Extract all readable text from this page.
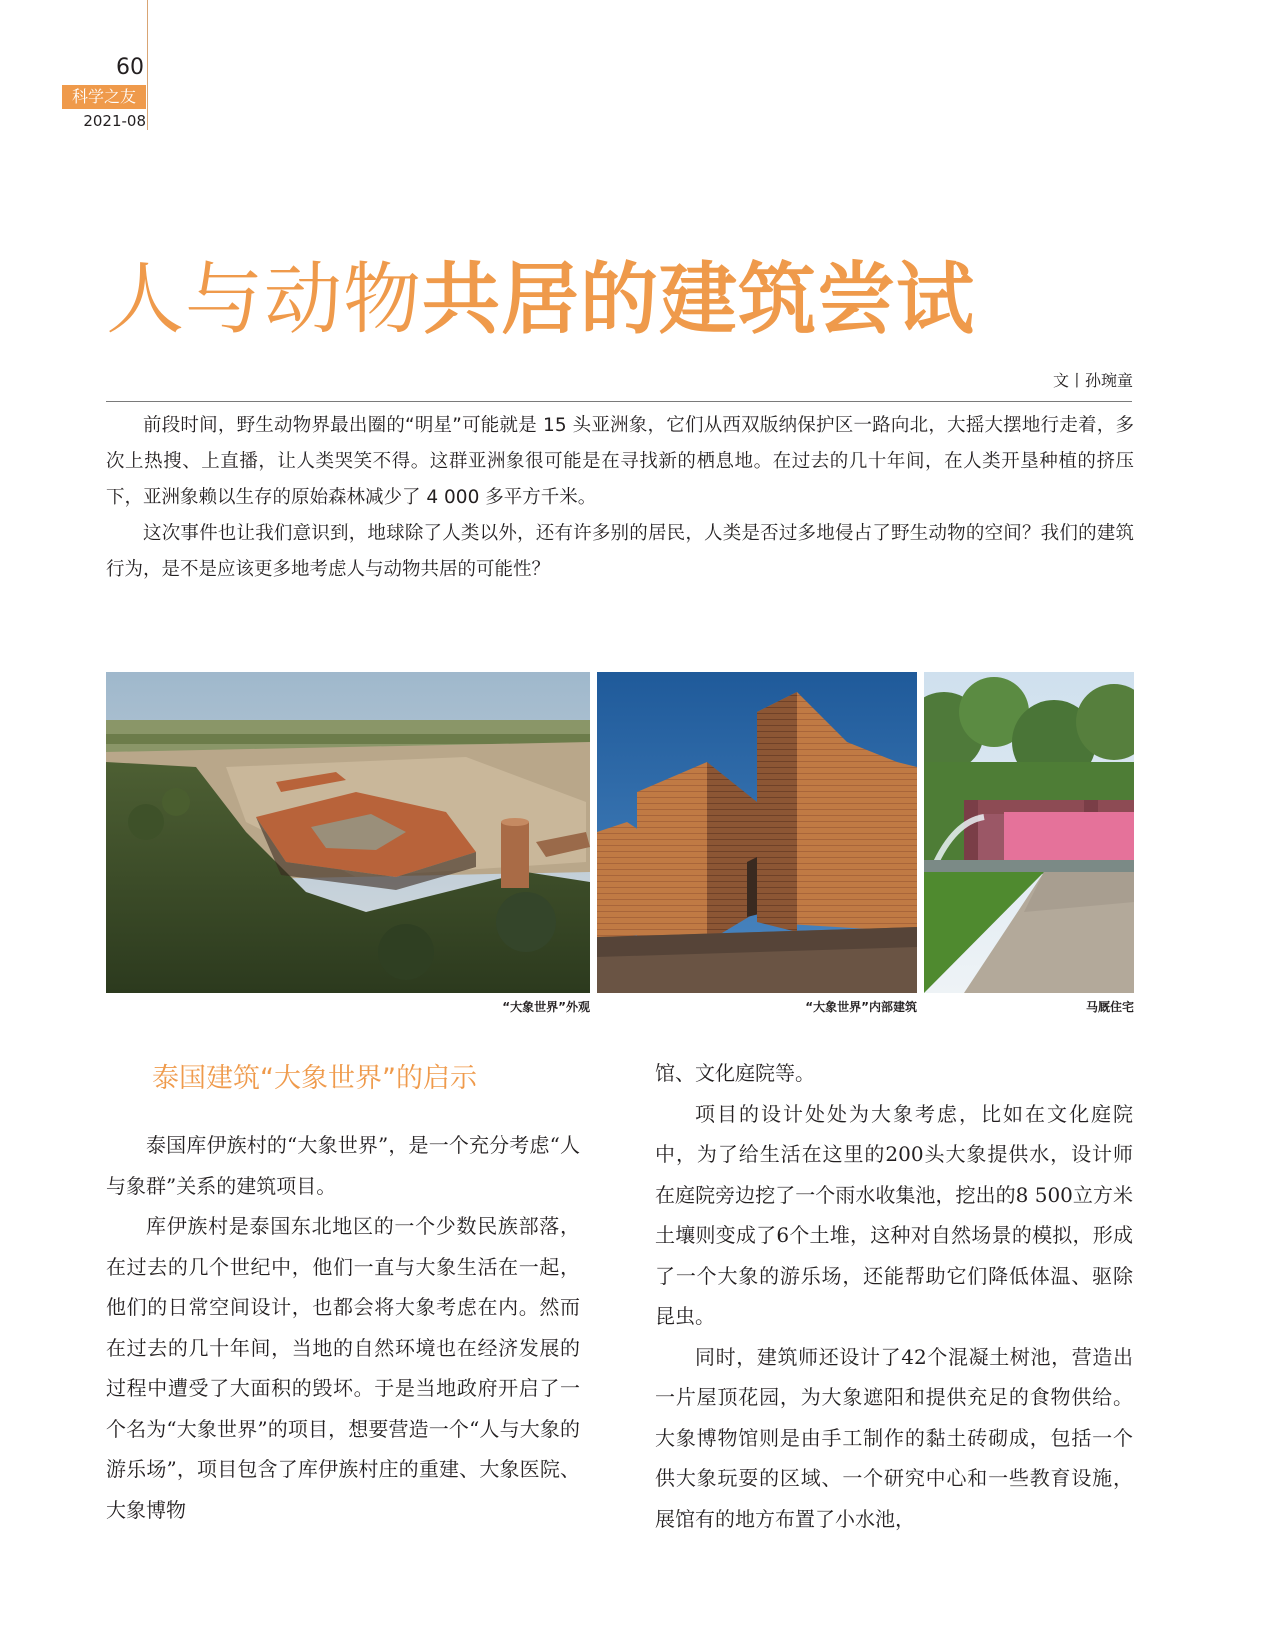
60
科学之友
2021-08
人与动物共居的建筑尝试
文丨孙琬童

前段时间，野生动物界最出圈的“明星”可能就是 15 头亚洲象，它们从西双版纳保护区一路向北，大摇大摆地行走着，多次上热搜、上直播，让人类哭笑不得。这群亚洲象很可能是在寻找新的栖息地。在过去的几十年间，在人类开垦种植的挤压下，亚洲象赖以生存的原始森林减少了 4 000 多平方千米。

这次事件也让我们意识到，地球除了人类以外，还有许多别的居民，人类是否过多地侵占了野生动物的空间？我们的建筑行为，是不是应该更多地考虑人与动物共居的可能性？

“大象世界”外观	“大象世界”内部建筑	马厩住宅
泰国建筑“大象世界”的启示

泰国库伊族村的“大象世界”，是一个充分考虑“人与象群”关系的建筑项目。

库伊族村是泰国东北地区的一个少数民族部落，在过去的几个世纪中，他们一直与大象生活在一起，他们的日常空间设计，也都会将大象考虑在内。然而在过去的几十年间，当地的自然环境也在经济发展的过程中遭受了大面积的毁坏。于是当地政府开启了一个名为“大象世界”的项目，想要营造一个“人与大象的游乐场”，项目包含了库伊族村庄的重建、大象医院、大象博物

馆、文化庭院等。

项目的设计处处为大象考虑，比如在文化庭院中，为了给生活在这里的200头大象提供水，设计师在庭院旁边挖了一个雨水收集池，挖出的8 500立方米土壤则变成了6个土堆，这种对自然场景的模拟，形成了一个大象的游乐场，还能帮助它们降低体温、驱除昆虫。

同时，建筑师还设计了42个混凝土树池，营造出一片屋顶花园，为大象遮阳和提供充足的食物供给。大象博物馆则是由手工制作的黏土砖砌成，包括一个供大象玩耍的区域、一个研究中心和一些教育设施，展馆有的地方布置了小水池，
